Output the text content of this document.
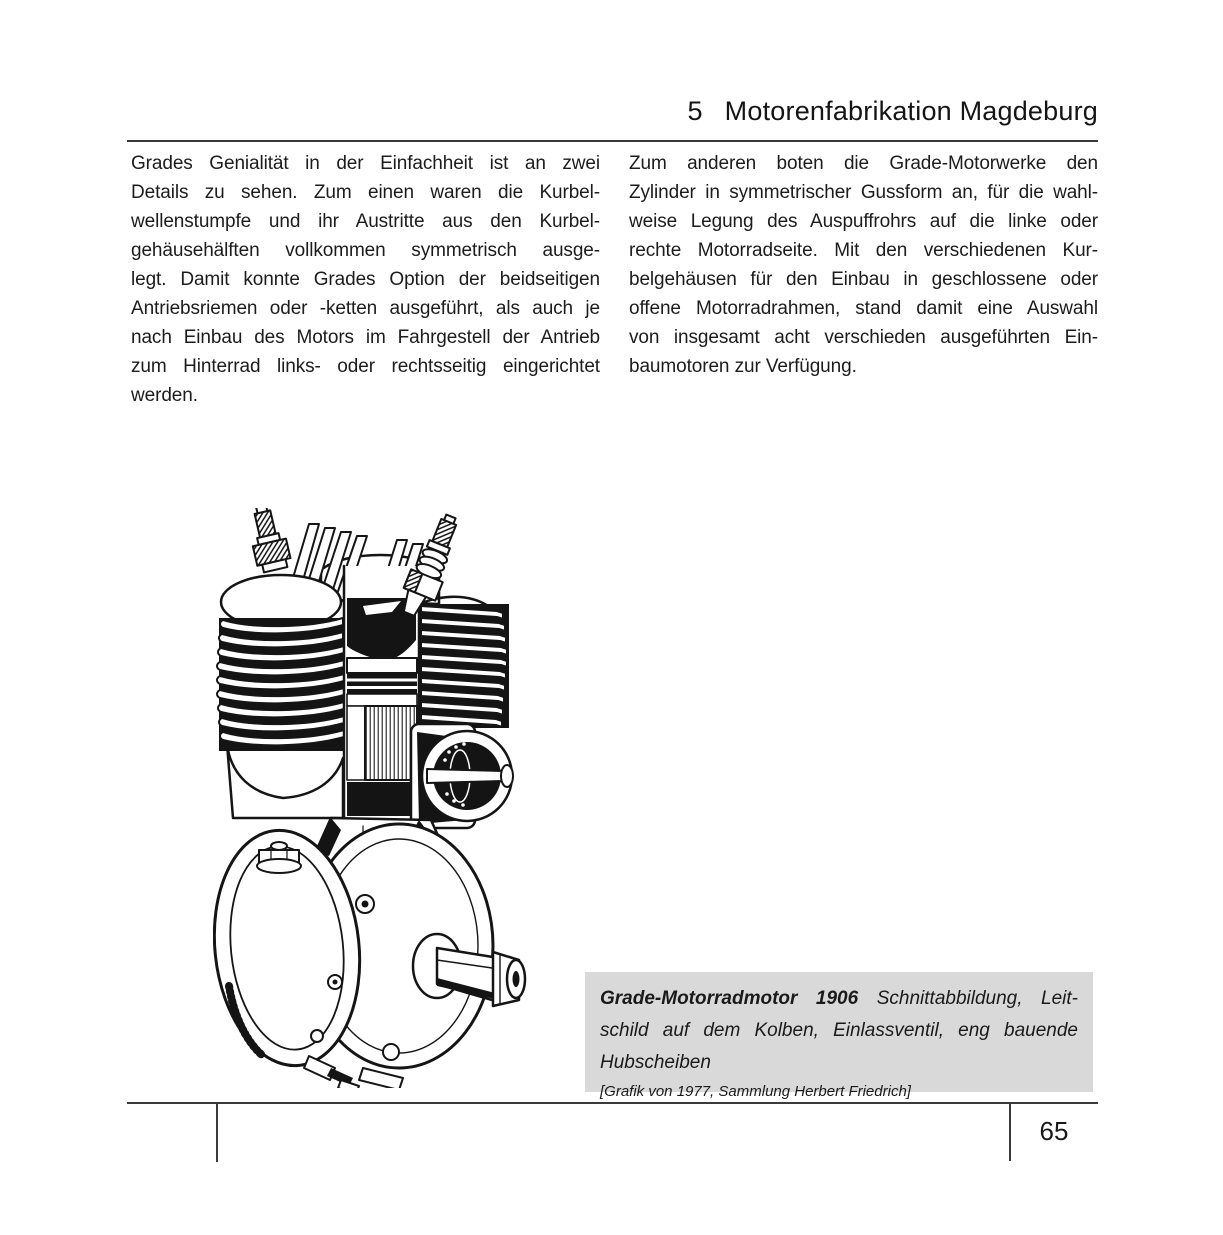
5 Motorenfabrikation Magdeburg
Grades Genialität in der Einfachheit ist an zwei
Details zu sehen. Zum einen waren die Kurbel-
wellenstumpfe und ihr Austritte aus den Kurbel-
gehäusehälften vollkommen symmetrisch ausge-
legt. Damit konnte Grades Option der beidseitigen
Antriebsriemen oder -ketten ausgeführt, als auch je
nach Einbau des Motors im Fahrgestell der Antrieb
zum Hinterrad links- oder rechtsseitig eingerichtet
werden.
Zum anderen boten die Grade-Motorwerke den
Zylinder in symmetrischer Gussform an, für die wahl-
weise Legung des Auspuffrohrs auf die linke oder
rechte Motorradseite. Mit den verschiedenen Kur-
belgehäusen für den Einbau in geschlossene oder
offene Motorradrahmen, stand damit eine Auswahl
von insgesamt acht verschieden ausgeführten Ein-
baumotoren zur Verfügung.
Grade-Motorradmotor 1906 Schnittabbildung, Leit-
schild auf dem Kolben, Einlassventil, eng bauende
Hubscheiben
[Grafik von 1977, Sammlung Herbert Friedrich]
65
